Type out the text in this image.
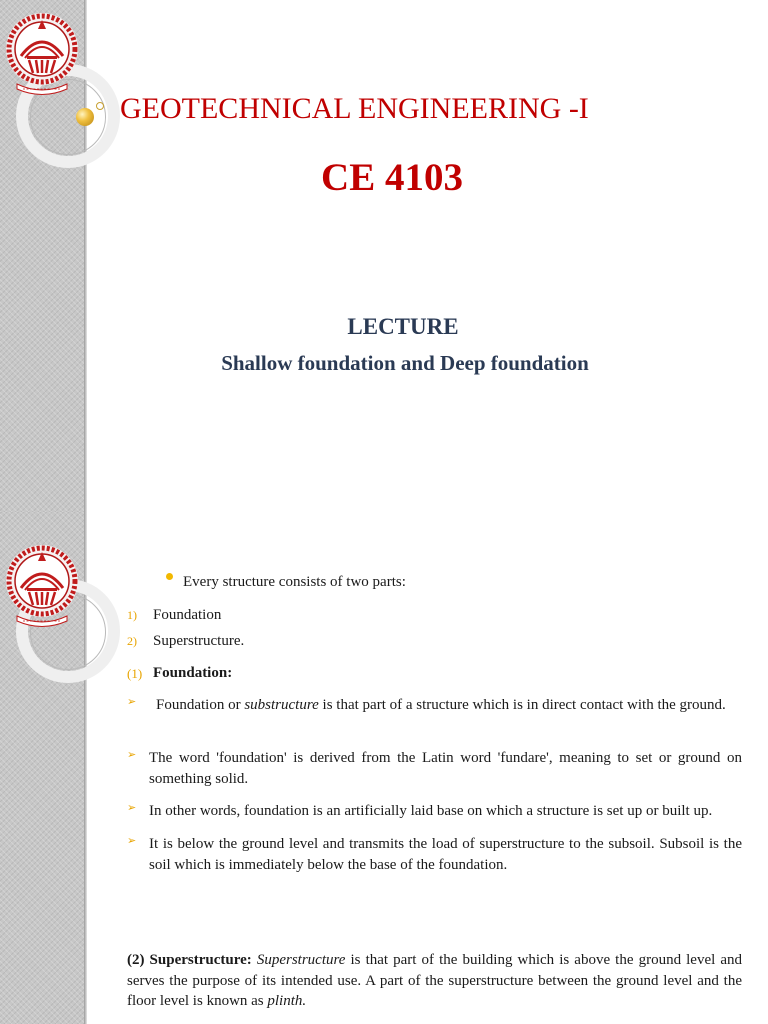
GEOTECHNICAL ENGINEERING -I
CE 4103
LECTURE
Shallow foundation and Deep foundation
Every structure consists of two parts:
1) Foundation
2) Superstructure.
(1) Foundation:
➢	Foundation or substructure is that part of a structure which is in direct contact with the ground.
➢ The word 'foundation' is derived from the Latin word 'fundare', meaning to set or ground on something solid.
➢ In other words, foundation is an artificially laid base on which a structure is set up or built up.
➢ It is below the ground level and transmits the load of superstructure to the subsoil. Subsoil is the soil which is immediately below the base of the foundation.
(2) Superstructure: Superstructure is that part of the building which is above the ground level and serves the purpose of its intended use. A part of the superstructure between the ground level and the floor level is known as plinth.
